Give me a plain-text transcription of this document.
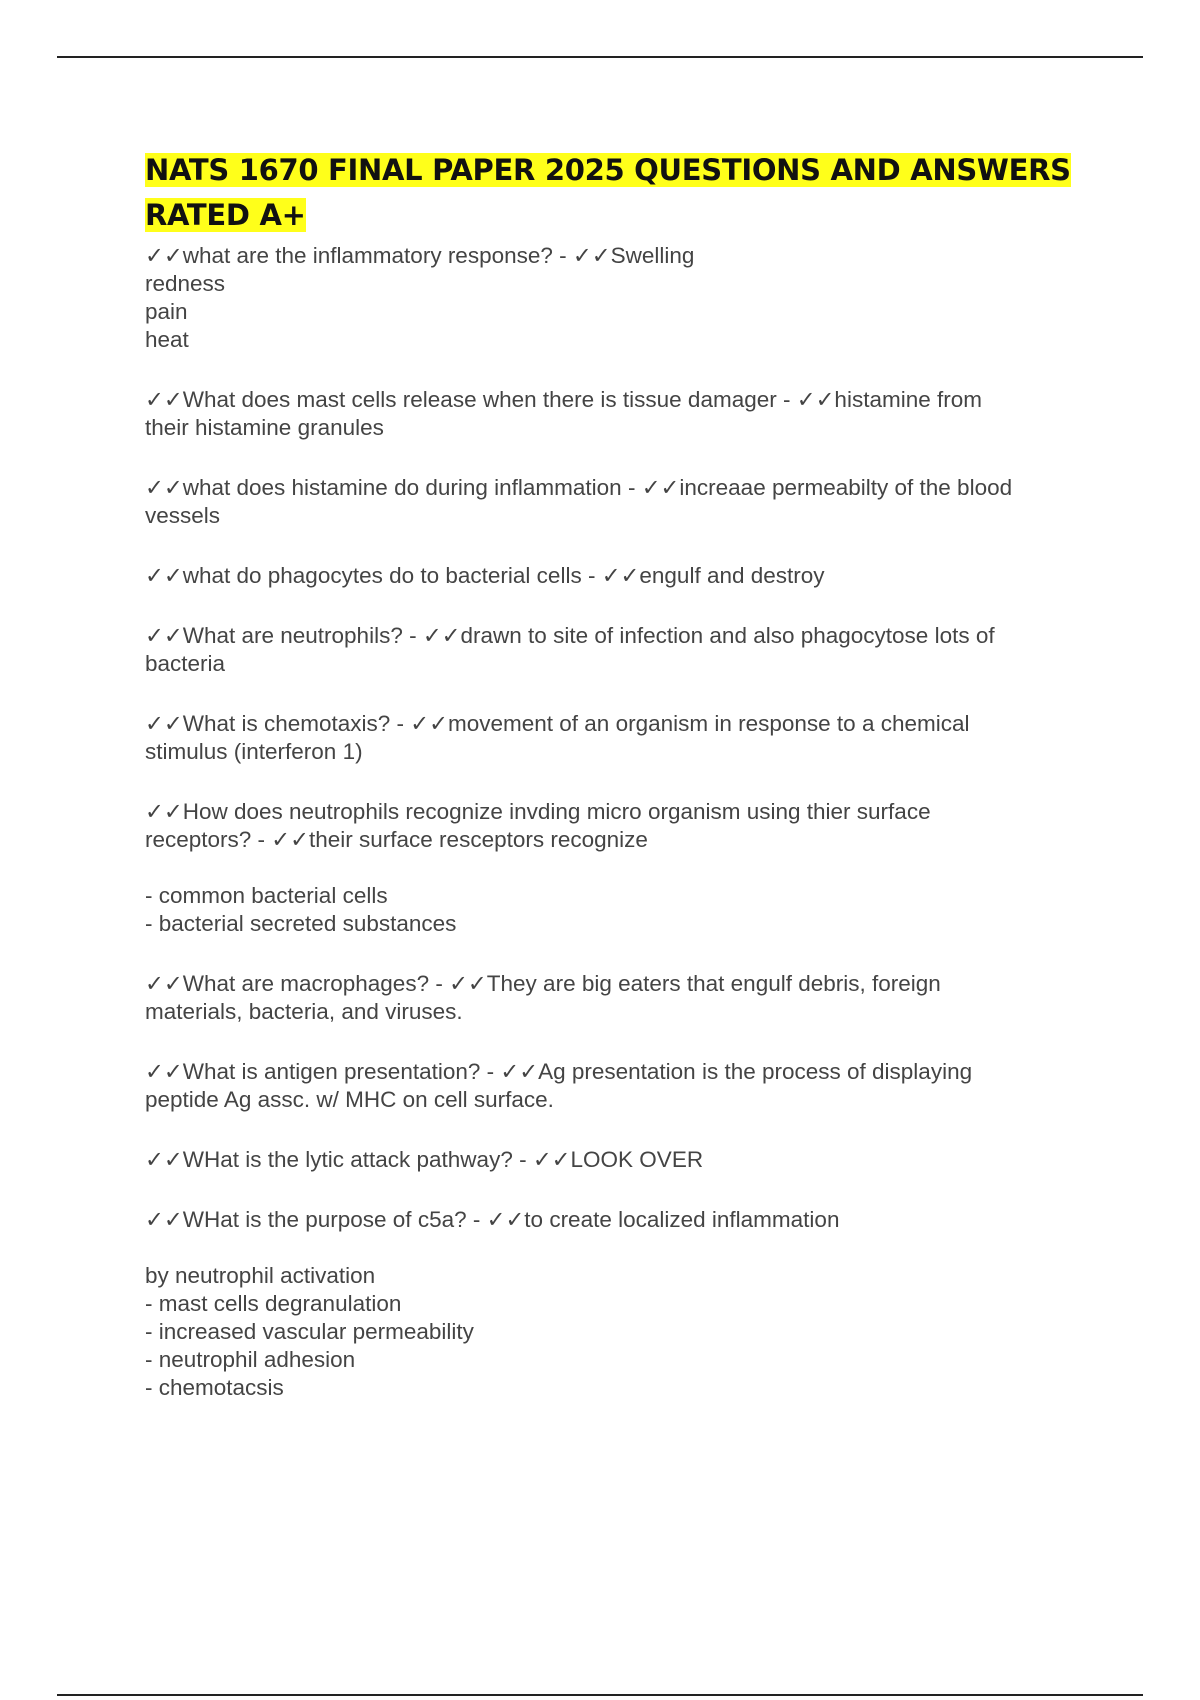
NATS 1670 FINAL PAPER 2025 QUESTIONS AND ANSWERS RATED A+
✓✓what are the inflammatory response? - ✓✓Swelling
redness
pain
heat
✓✓What does mast cells release when there is tissue damager - ✓✓histamine from
their histamine granules
✓✓what does histamine do during inflammation - ✓✓increaae permeabilty of the blood
vessels
✓✓what do phagocytes do to bacterial cells - ✓✓engulf and destroy
✓✓What are neutrophils? - ✓✓drawn to site of infection and also phagocytose lots of
bacteria
✓✓What is chemotaxis? - ✓✓movement of an organism in response to a chemical
stimulus (interferon 1)
✓✓How does neutrophils recognize invding micro organism using thier surface
receptors? - ✓✓their surface resceptors recognize
- common bacterial cells
- bacterial secreted substances
✓✓What are macrophages? - ✓✓They are big eaters that engulf debris, foreign
materials, bacteria, and viruses.
✓✓What is antigen presentation? - ✓✓Ag presentation is the process of displaying
peptide Ag assc. w/ MHC on cell surface.
✓✓WHat is the lytic attack pathway? - ✓✓LOOK OVER
✓✓WHat is the purpose of c5a? - ✓✓to create localized inflammation
by neutrophil activation
- mast cells degranulation
- increased vascular permeability
- neutrophil adhesion
- chemotacsis
